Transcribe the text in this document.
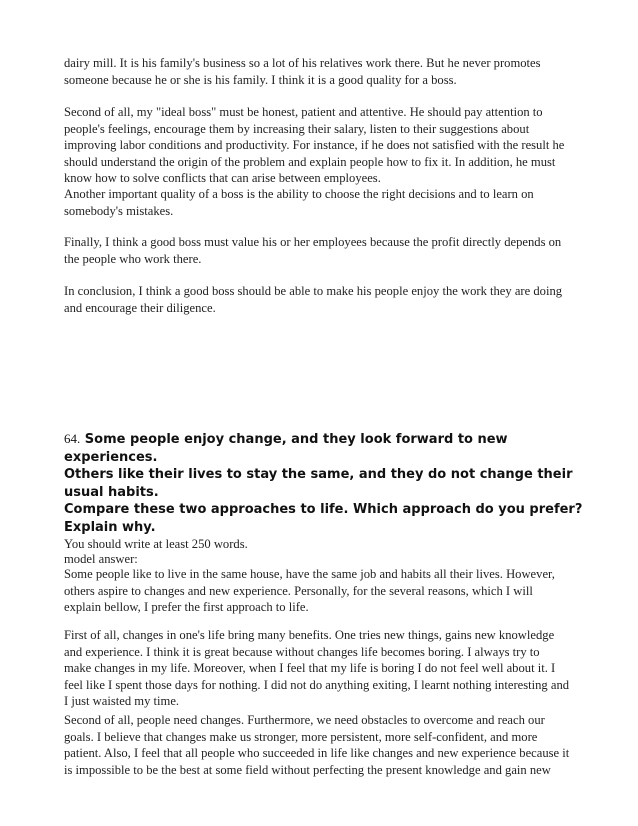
dairy mill. It is his family's business so a lot of his relatives work there. But he never promotes someone because he or she is his family. I think it is a good quality for a boss.

Second of all, my "ideal boss" must be honest, patient and attentive. He should pay attention to people's feelings, encourage them by increasing their salary, listen to their suggestions about improving labor conditions and productivity. For instance, if he does not satisfied with the result he should understand the origin of the problem and explain people how to fix it. In addition, he must know how to solve conflicts that can arise between employees.

Another important quality of a boss is the ability to choose the right decisions and to learn on somebody's mistakes.

Finally, I think a good boss must value his or her employees because the profit directly depends on the people who work there.

In conclusion, I think a good boss should be able to make his people enjoy the work they are doing and encourage their diligence.

64. Some people enjoy change, and they look forward to new
experiences.
Others like their lives to stay the same, and they do not change their
usual habits.
Compare these two approaches to life. Which approach do you prefer?
Explain why.

You should write at least 250 words.

model answer:

Some people like to live in the same house, have the same job and habits all their lives. However, others aspire to changes and new experience. Personally, for the several reasons, which I will explain bellow, I prefer the first approach to life.

First of all, changes in one's life bring many benefits. One tries new things, gains new knowledge and experience. I think it is great because without changes life becomes boring. I always try to make changes in my life. Moreover, when I feel that my life is boring I do not feel well about it. I feel like I spent those days for nothing. I did not do anything exiting, I learnt nothing interesting and I just waisted my time.

Second of all, people need changes. Furthermore, we need obstacles to overcome and reach our goals. I believe that changes make us stronger, more persistent, more self-confident, and more patient. Also, I feel that all people who succeeded in life like changes and new experience because it is impossible to be the best at some field without perfecting the present knowledge and gain new
